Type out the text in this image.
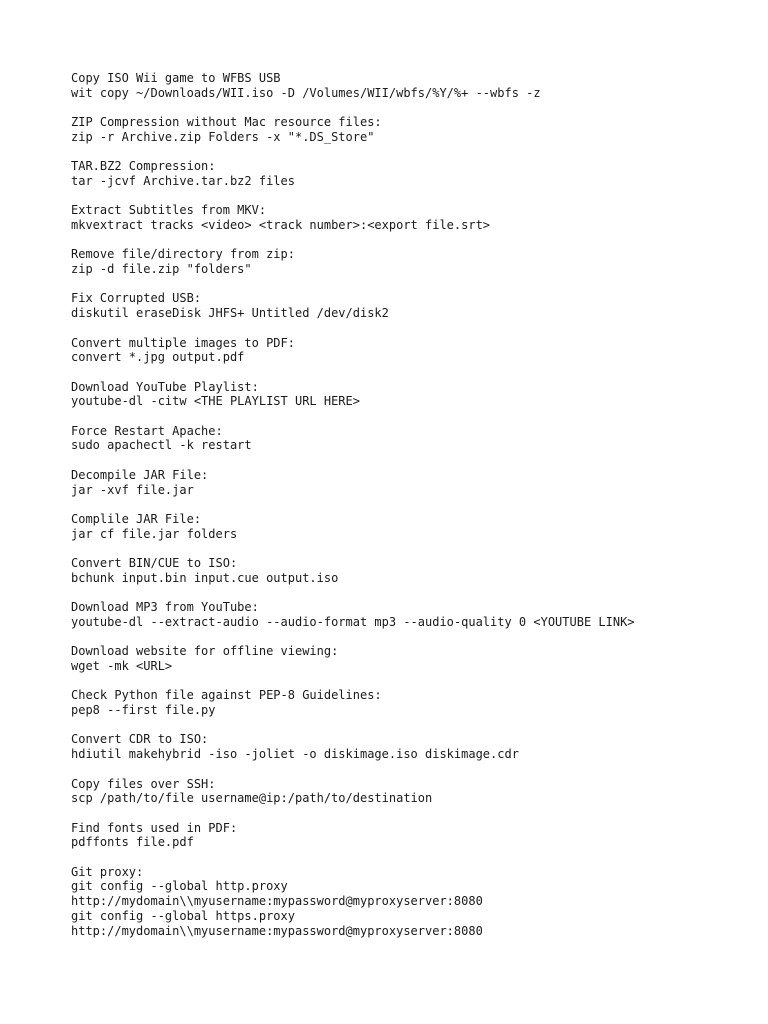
Copy ISO Wii game to WFBS USB
wit copy ~/Downloads/WII.iso -D /Volumes/WII/wbfs/%Y/%+ --wbfs -z
ZIP Compression without Mac resource files:
zip -r Archive.zip Folders -x "*.DS_Store"
TAR.BZ2 Compression:
tar -jcvf Archive.tar.bz2 files
Extract Subtitles from MKV:
mkvextract tracks <video> <track number>:<export file.srt>
Remove file/directory from zip:
zip -d file.zip "folders"
Fix Corrupted USB:
diskutil eraseDisk JHFS+ Untitled /dev/disk2
Convert multiple images to PDF:
convert *.jpg output.pdf
Download YouTube Playlist:
youtube-dl -citw <THE PLAYLIST URL HERE>
Force Restart Apache:
sudo apachectl -k restart
Decompile JAR File:
jar -xvf file.jar
Complile JAR File:
jar cf file.jar folders
Convert BIN/CUE to ISO:
bchunk input.bin input.cue output.iso
Download MP3 from YouTube:
youtube-dl --extract-audio --audio-format mp3 --audio-quality 0 <YOUTUBE LINK>
Download website for offline viewing:
wget -mk <URL>
Check Python file against PEP-8 Guidelines:
pep8 --first file.py
Convert CDR to ISO:
hdiutil makehybrid -iso -joliet -o diskimage.iso diskimage.cdr
Copy files over SSH:
scp /path/to/file username@ip:/path/to/destination
Find fonts used in PDF:
pdffonts file.pdf
Git proxy:
git config --global http.proxy
http://mydomain\\myusername:mypassword@myproxyserver:8080
git config --global https.proxy
http://mydomain\\myusername:mypassword@myproxyserver:8080
